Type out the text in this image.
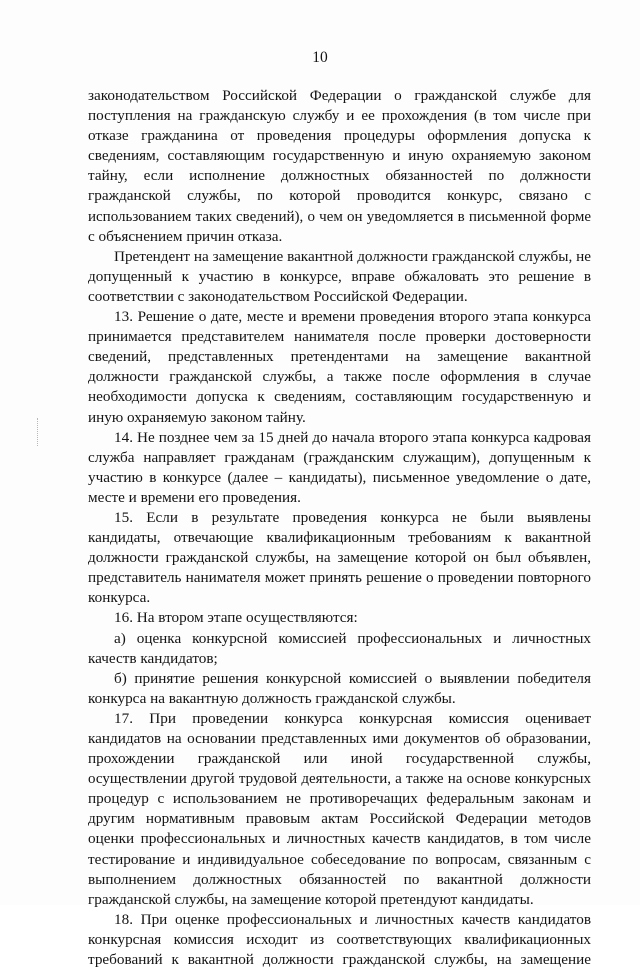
10
законодательством Российской Федерации о гражданской службе для
поступления на гражданскую службу и ее прохождения (в том числе при
отказе гражданина от проведения процедуры оформления допуска к
сведениям, составляющим государственную и иную охраняемую законом
тайну, если исполнение должностных обязанностей по должности
гражданской службы, по которой проводится конкурс, связано с
использованием таких сведений), о чем он уведомляется в письменной форме
с объяснением причин отказа.
Претендент на замещение вакантной должности гражданской службы, не
допущенный к участию в конкурсе, вправе обжаловать это решение в
соответствии с законодательством Российской Федерации.
13. Решение о дате, месте и времени проведения второго этапа конкурса
принимается представителем нанимателя после проверки достоверности
сведений, представленных претендентами на замещение вакантной
должности гражданской службы, а также после оформления в случае
необходимости допуска к сведениям, составляющим государственную и
иную охраняемую законом тайну.
14. Не позднее чем за 15 дней до начала второго этапа конкурса кадровая
служба направляет гражданам (гражданским служащим), допущенным к
участию в конкурсе (далее – кандидаты), письменное уведомление о дате,
месте и времени его проведения.
15. Если в результате проведения конкурса не были выявлены
кандидаты, отвечающие квалификационным требованиям к вакантной
должности гражданской службы, на замещение которой он был объявлен,
представитель нанимателя может принять решение о проведении повторного
конкурса.
16. На втором этапе осуществляются:
а) оценка конкурсной комиссией профессиональных и личностных
качеств кандидатов;
б) принятие решения конкурсной комиссией о выявлении победителя
конкурса на вакантную должность гражданской службы.
17. При проведении конкурса конкурсная комиссия оценивает
кандидатов на основании представленных ими документов об образовании,
прохождении гражданской или иной государственной службы,
осуществлении другой трудовой деятельности, а также на основе конкурсных
процедур с использованием не противоречащих федеральным законам и
другим нормативным правовым актам Российской Федерации методов
оценки профессиональных и личностных качеств кандидатов, в том числе
тестирование и индивидуальное собеседование по вопросам, связанным с
выполнением должностных обязанностей по вакантной должности
гражданской службы, на замещение которой претендуют кандидаты.
18. При оценке профессиональных и личностных качеств кандидатов
конкурсная комиссия исходит из соответствующих квалификационных
требований к вакантной должности гражданской службы, на замещение
